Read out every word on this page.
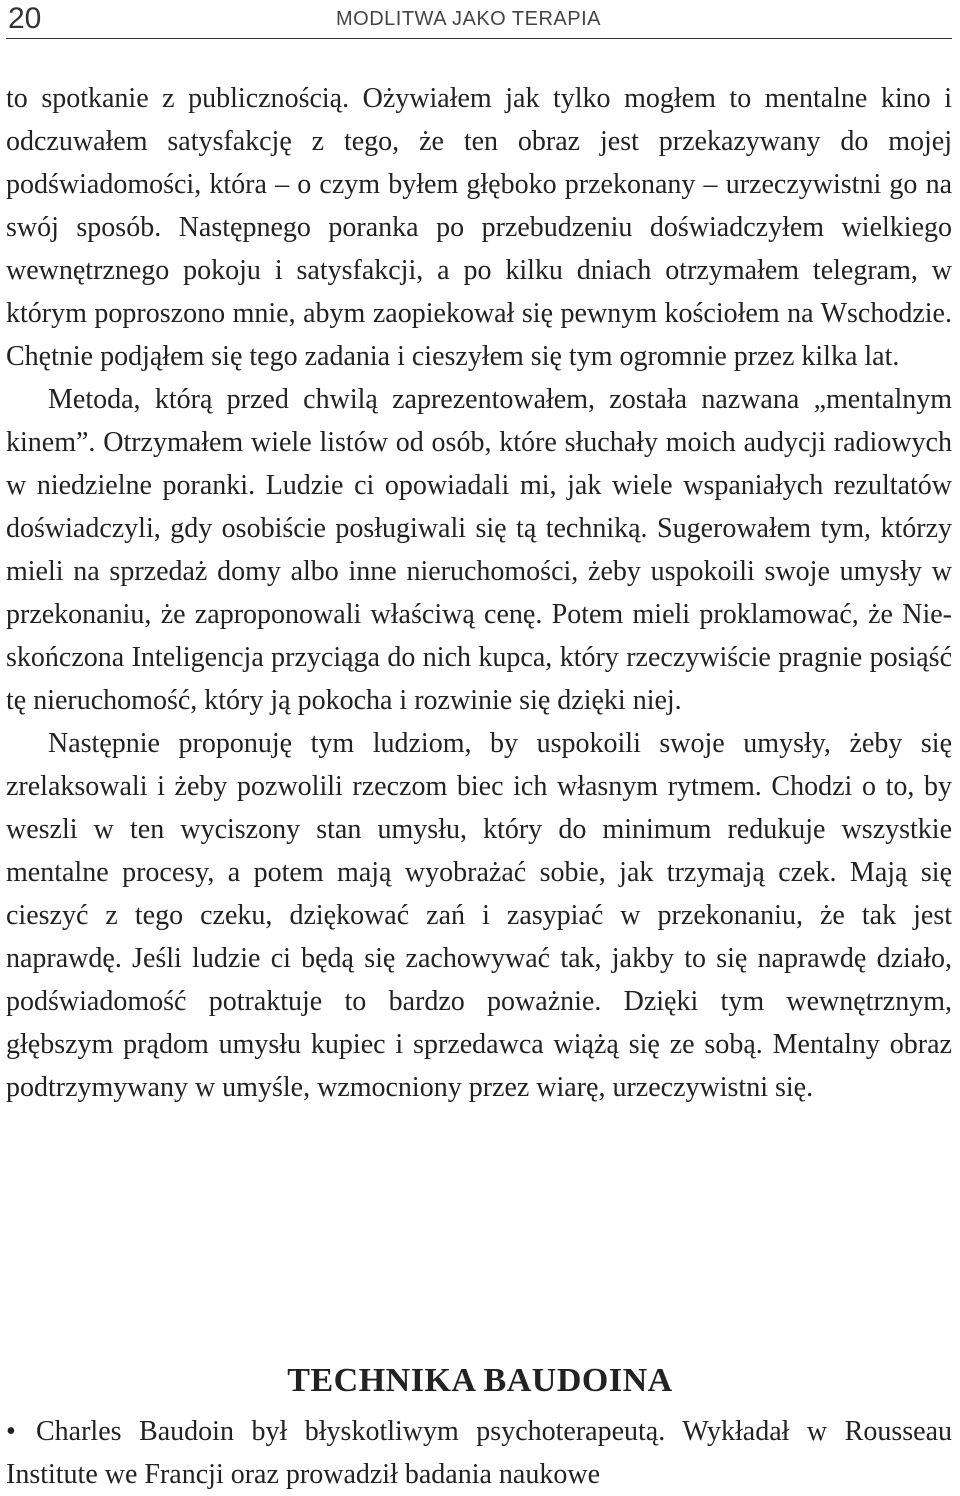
20	MODLITWA JAKO TERAPIA

to spotkanie z publicznością. Ożywiałem jak tylko mogłem to mentalne kino i odczuwałem satysfakcję z tego, że ten obraz jest przekazywany do mojej podświadomości, która – o czym byłem głęboko przekonany – urzeczywistni go na swój sposób. Następnego poranka po przebudzeniu doświadczyłem wielkiego wewnętrznego pokoju i satysfakcji, a po kilku dniach otrzymałem telegram, w którym poproszono mnie, abym zaopiekował się pewnym kościołem na Wschodzie. Chętnie podjąłem się tego zadania i cieszyłem się tym ogromnie przez kilka lat.

Metoda, którą przed chwilą zaprezentowałem, została nazwana „mentalnym kinem”. Otrzymałem wiele listów od osób, które słuchały moich audycji radiowych w niedzielne poranki. Ludzie ci opowiadali mi, jak wiele wspaniałych rezultatów doświadczyli, gdy osobiście posługiwali się tą techniką. Sugerowałem tym, którzy mieli na sprzedaż domy albo inne nieruchomości, żeby uspokoili swoje umysły w przekonaniu, że zaproponowali właściwą cenę. Potem mieli proklamować, że Nieskończona Inteligencja przyciąga do nich kupca, który rzeczywiście pragnie posiąść tę nieruchomość, który ją pokocha i rozwinie się dzięki niej.

Następnie proponuję tym ludziom, by uspokoili swoje umysły, żeby się zrelaksowali i żeby pozwolili rzeczom biec ich własnym rytmem. Chodzi o to, by weszli w ten wyciszony stan umysłu, który do minimum redukuje wszystkie mentalne procesy, a potem mają wyobrażać sobie, jak trzymają czek. Mają się cieszyć z tego czeku, dziękować zań i zasypiać w przekonaniu, że tak jest naprawdę. Jeśli ludzie ci będą się zachowywać tak, jakby to się naprawdę działo, podświadomość potraktuje to bardzo poważnie. Dzięki tym wewnętrznym, głębszym prądom umysłu kupiec i sprzedawca wiążą się ze sobą. Mentalny obraz podtrzymywany w umyśle, wzmocniony przez wiarę, urzeczywistni się.

TECHNIKA BAUDOINA

• Charles Baudoin był błyskotliwym psychoterapeutą. Wykładał w Rousseau Institute we Francji oraz prowadził badania naukowe
